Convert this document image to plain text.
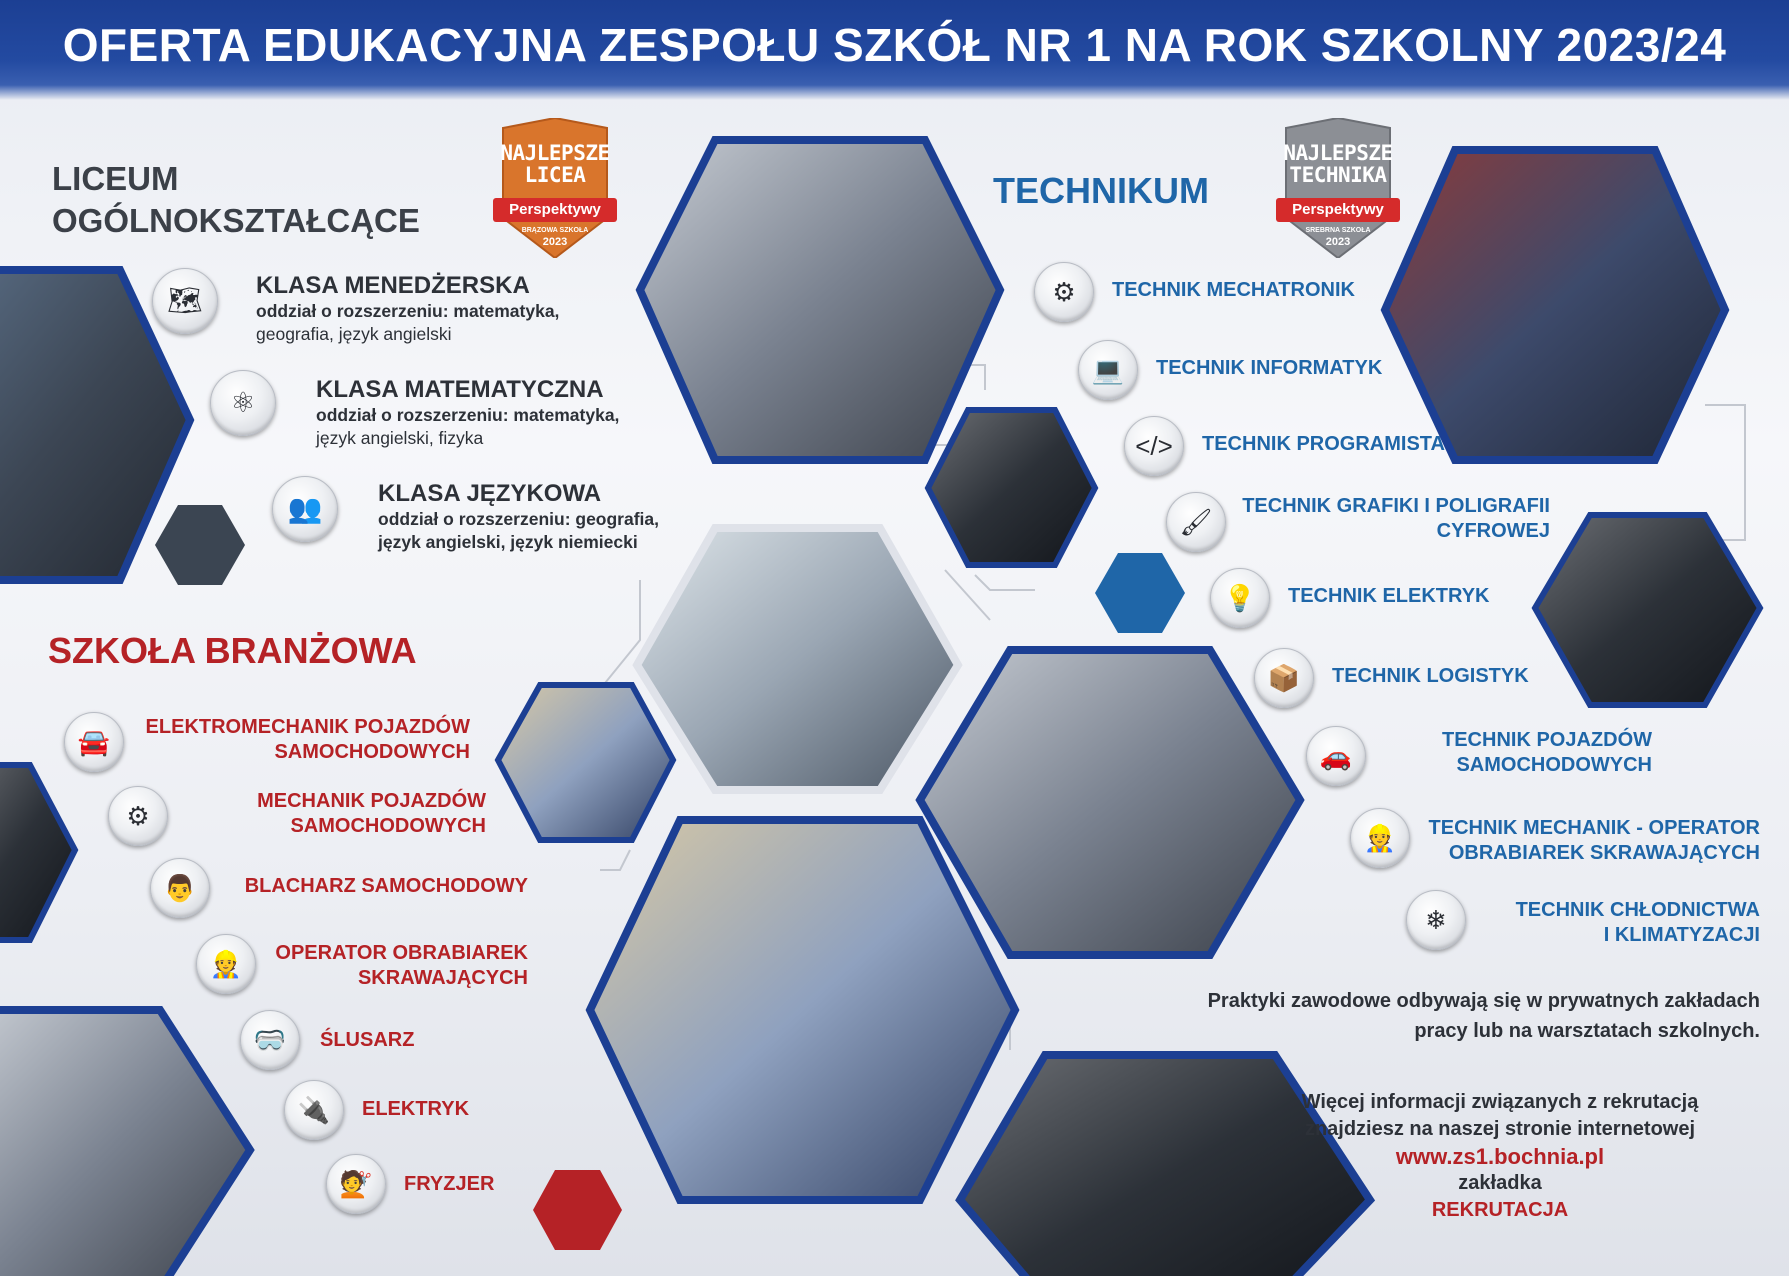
OFERTA EDUKACYJNA ZESPOŁU SZKÓŁ NR 1 NA ROK SZKOLNY 2023/24
LICEUM
OGÓLNOKSZTAŁCĄCE
NAJLEPSZE
LICEA
Perspektywy
BRĄZOWA SZKOŁA
2023
🗺	KLASA MENEDŻERSKA
oddział o rozszerzeniu: matematyka,
geografia, język angielski
⚛	KLASA MATEMATYCZNA
oddział o rozszerzeniu: matematyka,
język angielski, fizyka
👥	KLASA JĘZYKOWA
oddział o rozszerzeniu: geografia,
język angielski, język niemiecki
TECHNIKUM
NAJLEPSZE
TECHNIKA
Perspektywy
SREBRNA SZKOŁA
2023
⚙	TECHNIK MECHATRONIK
💻	TECHNIK INFORMATYK
</>	TECHNIK PROGRAMISTA
🖌
TECHNIK GRAFIKI I POLIGRAFII
CYFROWEJ
💡	TECHNIK ELEKTRYK
📦	TECHNIK LOGISTYK
🚗
TECHNIK POJAZDÓW
SAMOCHODOWYCH
👷	TECHNIK MECHANIK - OPERATOR
OBRABIAREK SKRAWAJĄCYCH
❄	TECHNIK CHŁODNICTWA
I KLIMATYZACJI
SZKOŁA BRANŻOWA
🚘	ELEKTROMECHANIK POJAZDÓW
SAMOCHODOWYCH
⚙	MECHANIK POJAZDÓW
SAMOCHODOWYCH
👨	BLACHARZ SAMOCHODOWY
👷	OPERATOR OBRABIAREK
SKRAWAJĄCYCH
🥽	ŚLUSARZ
🔌	ELEKTRYK
💇	FRYZJER
Praktyki zawodowe odbywają się w prywatnych zakładach
pracy lub na warsztatach szkolnych.
Więcej informacji związanych z rekrutacją
znajdziesz na naszej stronie internetowej
www.zs1.bochnia.pl
zakładka
REKRUTACJA
